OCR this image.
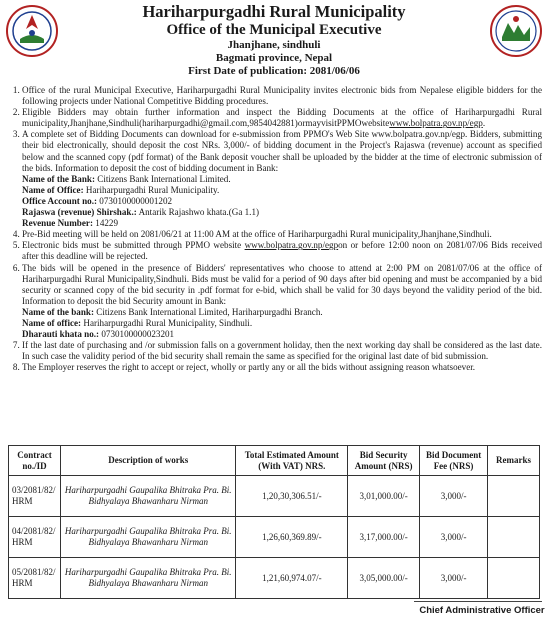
Hariharpurgadhi Rural Municipality

Office of the Municipal Executive

Jhanjhane, sindhuli

Bagmati province, Nepal

First Date of publication: 2081/06/06

1. Office of the rural Municipal Executive, Hariharpurgadhi Rural Municipality invites electronic bids from Nepalese eligible bidders for the following projects under National Competitive Bidding procedures.
2. Eligible Bidders may obtain further information and inspect the Bidding Documents at the office of Hariharpurgadhi Rural municipality,Jhanjhane,Sindhuli(hariharpurgadhi@gmail.com,9854042881)ormayvisitPPMOwebsitewww.bolpatra.gov.np/egp.
3. A complete set of Bidding Documents can download for e-submission from PPMO's Web Site www.bolpatra.gov.np/egp. Bidders, submitting their bid electronically, should deposit the cost NRs. 3,000/- of bidding document in the Project's Rajaswa (revenue) account as specified below and the scanned copy (pdf format) of the Bank deposit voucher shall be uploaded by the bidder at the time of electronic submission of the bids. Information to deposit the cost of bidding document in Bank:
Name of the Bank: Citizens Bank International Limited.
Name of Office: Hariharpurgadhi Rural Municipality.
Office Account no.: 0730100000001202
Rajaswa (revenue) Shirshak.: Antarik Rajashwo khata.(Ga 1.1)
Revenue Number: 14229
4. Pre-Bid meeting will be held on 2081/06/21 at 11:00 AM at the office of Hariharpurgadhi Rural municipality,Jhanjhane,Sindhuli.
5. Electronic bids must be submitted through PPMO website www.bolpatra.gov.np/egpon or before 12:00 noon on 2081/07/06 Bids received after this deadline will be rejected.
6. The bids will be opened in the presence of Bidders' representatives who choose to attend at 2:00 PM on 2081/07/06 at the office of Hariharpurgadhi Rural Municipality,Sindhuli. Bids must be valid for a period of 90 days after bid opening and must be accompanied by a bid security or scanned copy of the bid security in .pdf format for e-bid, which shall be valid for 30 days beyond the validity period of the bid. Information to deposit the bid Security amount in Bank:
Name of the bank: Citizens Bank International Limited, Hariharpurgadhi Branch.
Name of office: Hariharpurgadhi Rural Municipality, Sindhuli.
Dharauti khata no.: 0730100000023201
7. If the last date of purchasing and /or submission falls on a government holiday, then the next working day shall be considered as the last date. In such case the validity period of the bid security shall remain the same as specified for the original last date of bid submission.
8. The Employer reserves the right to accept or reject, wholly or partly any or all the bids without assigning reason whatsoever.
Contract no./ID	Description of works	Total Estimated Amount (With VAT) NRS.	Bid Security Amount (NRS)	Bid Document Fee (NRS)	Remarks
03/2081/82/ HRM	Hariharpurgadhi Gaupalika Bhitraka Pra. Bi. Bidhyalaya Bhawanharu Nirman	1,20,30,306.51/-	3,01,000.00/-	3,000/-	
04/2081/82/ HRM	Hariharpurgadhi Gaupalika Bhitraka Pra. Bi. Bidhyalaya Bhawanharu Nirman	1,26,60,369.89/-	3,17,000.00/-	3,000/-	
05/2081/82/ HRM	Hariharpurgadhi Gaupalika Bhitraka Pra. Bi. Bidhyalaya Bhawanharu Nirman	1,21,60,974.07/-	3,05,000.00/-	3,000/-	
Chief Administrative Officer
